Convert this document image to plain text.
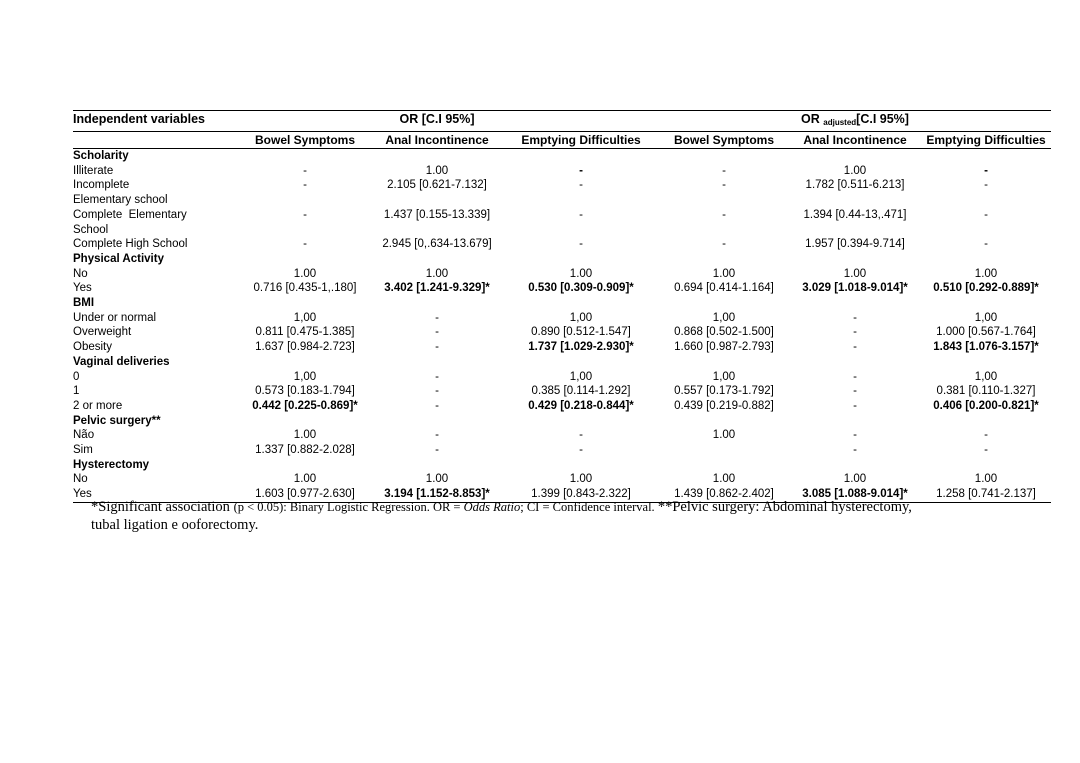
Independent variables		OR [C.I 95%]			OR $_{adjusted}$[C.I 95%]	
	Bowel Symptoms	Anal Incontinence	Emptying Difficulties	Bowel Symptoms	Anal Incontinence	Emptying Difficulties
Scholarity						
Illiterate	-	1.00	-	-	1.00	-
Incomplete	-	2.105 [0.621-7.132]	-	-	1.782 [0.511-6.213]	-
Elementary school						
Complete  Elementary	-	1.437 [0.155-13.339]	-	-	1.394 [0.44-13,.471]	-
School						
Complete High School	-	2.945 [0,.634-13.679]	-	-	1.957 [0.394-9.714]	-
Physical Activity						
No	1.00	1.00	1.00	1.00	1.00	1.00
Yes	0.716 [0.435-1,.180]	3.402 [1.241-9.329]*	0.530 [0.309-0.909]*	0.694 [0.414-1.164]	3.029 [1.018-9.014]*	0.510 [0.292-0.889]*
BMI						
Under or normal	1,00	-	1,00	1,00	-	1,00
Overweight	0.811 [0.475-1.385]	-	0.890 [0.512-1.547]	0.868 [0.502-1.500]	-	1.000 [0.567-1.764]
Obesity	1.637 [0.984-2.723]	-	1.737 [1.029-2.930]*	1.660 [0.987-2.793]	-	1.843 [1.076-3.157]*
Vaginal deliveries						
0	1,00	-	1,00	1,00	-	1,00
1	0.573 [0.183-1.794]	-	0.385 [0.114-1.292]	0.557 [0.173-1.792]	-	0.381 [0.110-1.327]
2 or more	0.442 [0.225-0.869]*	-	0.429 [0.218-0.844]*	0.439 [0.219-0.882]	-	0.406 [0.200-0.821]*
Pelvic surgery**						
Não	1.00	-	-	1.00	-	-
Sim	1.337 [0.882-2.028]	-	-		-	-
Hysterectomy						
No	1.00	1.00	1.00	1.00	1.00	1.00
Yes	1.603 [0.977-2.630]	3.194 [1.152-8.853]*	1.399 [0.843-2.322]	1.439 [0.862-2.402]	3.085 [1.088-9.014]*	1.258 [0.741-2.137]
*Significant association (p < 0.05): Binary Logistic Regression. OR = Odds Ratio; CI = Confidence interval. **Pelvic surgery: Abdominal hysterectomy,
tubal ligation e ooforectomy.
